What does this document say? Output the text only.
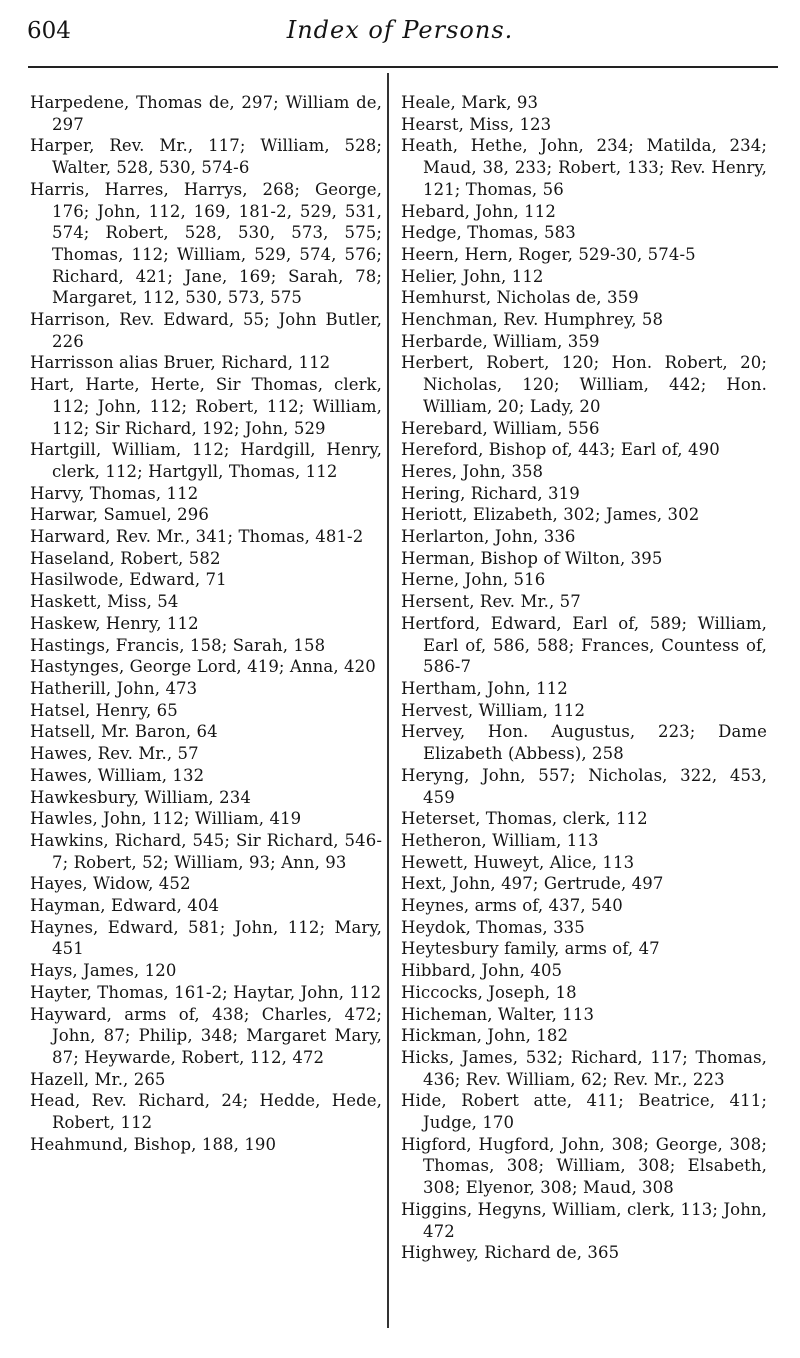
604	Index of Persons.
Harpedene, Thomas de, 297; William de, 297
Harper, Rev. Mr., 117; William, 528; Walter, 528, 530, 574-6
Harris, Harres, Harrys, 268; George, 176; John, 112, 169, 181-2, 529, 531, 574; Robert, 528, 530, 573, 575; Thomas, 112; William, 529, 574, 576; Richard, 421; Jane, 169; Sarah, 78; Margaret, 112, 530, 573, 575
Harrison, Rev. Edward, 55; John Butler, 226
Harrisson alias Bruer, Richard, 112
Hart, Harte, Herte, Sir Thomas, clerk, 112; John, 112; Robert, 112; William, 112; Sir Richard, 192; John, 529
Hartgill, William, 112; Hardgill, Henry, clerk, 112; Hartgyll, Thomas, 112
Harvy, Thomas, 112
Harwar, Samuel, 296
Harward, Rev. Mr., 341; Thomas, 481-2
Haseland, Robert, 582
Hasilwode, Edward, 71
Haskett, Miss, 54
Haskew, Henry, 112
Hastings, Francis, 158; Sarah, 158
Hastynges, George Lord, 419; Anna, 420
Hatherill, John, 473
Hatsel, Henry, 65
Hatsell, Mr. Baron, 64
Hawes, Rev. Mr., 57
Hawes, William, 132
Hawkesbury, William, 234
Hawles, John, 112; William, 419
Hawkins, Richard, 545; Sir Richard, 546-7; Robert, 52; William, 93; Ann, 93
Hayes, Widow, 452
Hayman, Edward, 404
Haynes, Edward, 581; John, 112; Mary, 451
Hays, James, 120
Hayter, Thomas, 161-2; Haytar, John, 112
Hayward, arms of, 438; Charles, 472; John, 87; Philip, 348; Margaret Mary, 87; Heywarde, Robert, 112, 472
Hazell, Mr., 265
Head, Rev. Richard, 24; Hedde, Hede, Robert, 112
Heahmund, Bishop, 188, 190
Heale, Mark, 93
Hearst, Miss, 123
Heath, Hethe, John, 234; Matilda, 234; Maud, 38, 233; Robert, 133; Rev. Henry, 121; Thomas, 56
Hebard, John, 112
Hedge, Thomas, 583
Heern, Hern, Roger, 529-30, 574-5
Helier, John, 112
Hemhurst, Nicholas de, 359
Henchman, Rev. Humphrey, 58
Herbarde, William, 359
Herbert, Robert, 120; Hon. Robert, 20; Nicholas, 120; William, 442; Hon. William, 20; Lady, 20
Herebard, William, 556
Hereford, Bishop of, 443; Earl of, 490
Heres, John, 358
Hering, Richard, 319
Heriott, Elizabeth, 302; James, 302
Herlarton, John, 336
Herman, Bishop of Wilton, 395
Herne, John, 516
Hersent, Rev. Mr., 57
Hertford, Edward, Earl of, 589; William, Earl of, 586, 588; Frances, Countess of, 586-7
Hertham, John, 112
Hervest, William, 112
Hervey, Hon. Augustus, 223; Dame Elizabeth (Abbess), 258
Heryng, John, 557; Nicholas, 322, 453, 459
Heterset, Thomas, clerk, 112
Hetheron, William, 113
Hewett, Huweyt, Alice, 113
Hext, John, 497; Gertrude, 497
Heynes, arms of, 437, 540
Heydok, Thomas, 335
Heytesbury family, arms of, 47
Hibbard, John, 405
Hiccocks, Joseph, 18
Hicheman, Walter, 113
Hickman, John, 182
Hicks, James, 532; Richard, 117; Thomas, 436; Rev. William, 62; Rev. Mr., 223
Hide, Robert atte, 411; Beatrice, 411; Judge, 170
Higford, Hugford, John, 308; George, 308; Thomas, 308; William, 308; Elsabeth, 308; Elyenor, 308; Maud, 308
Higgins, Hegyns, William, clerk, 113; John, 472
Highwey, Richard de, 365
